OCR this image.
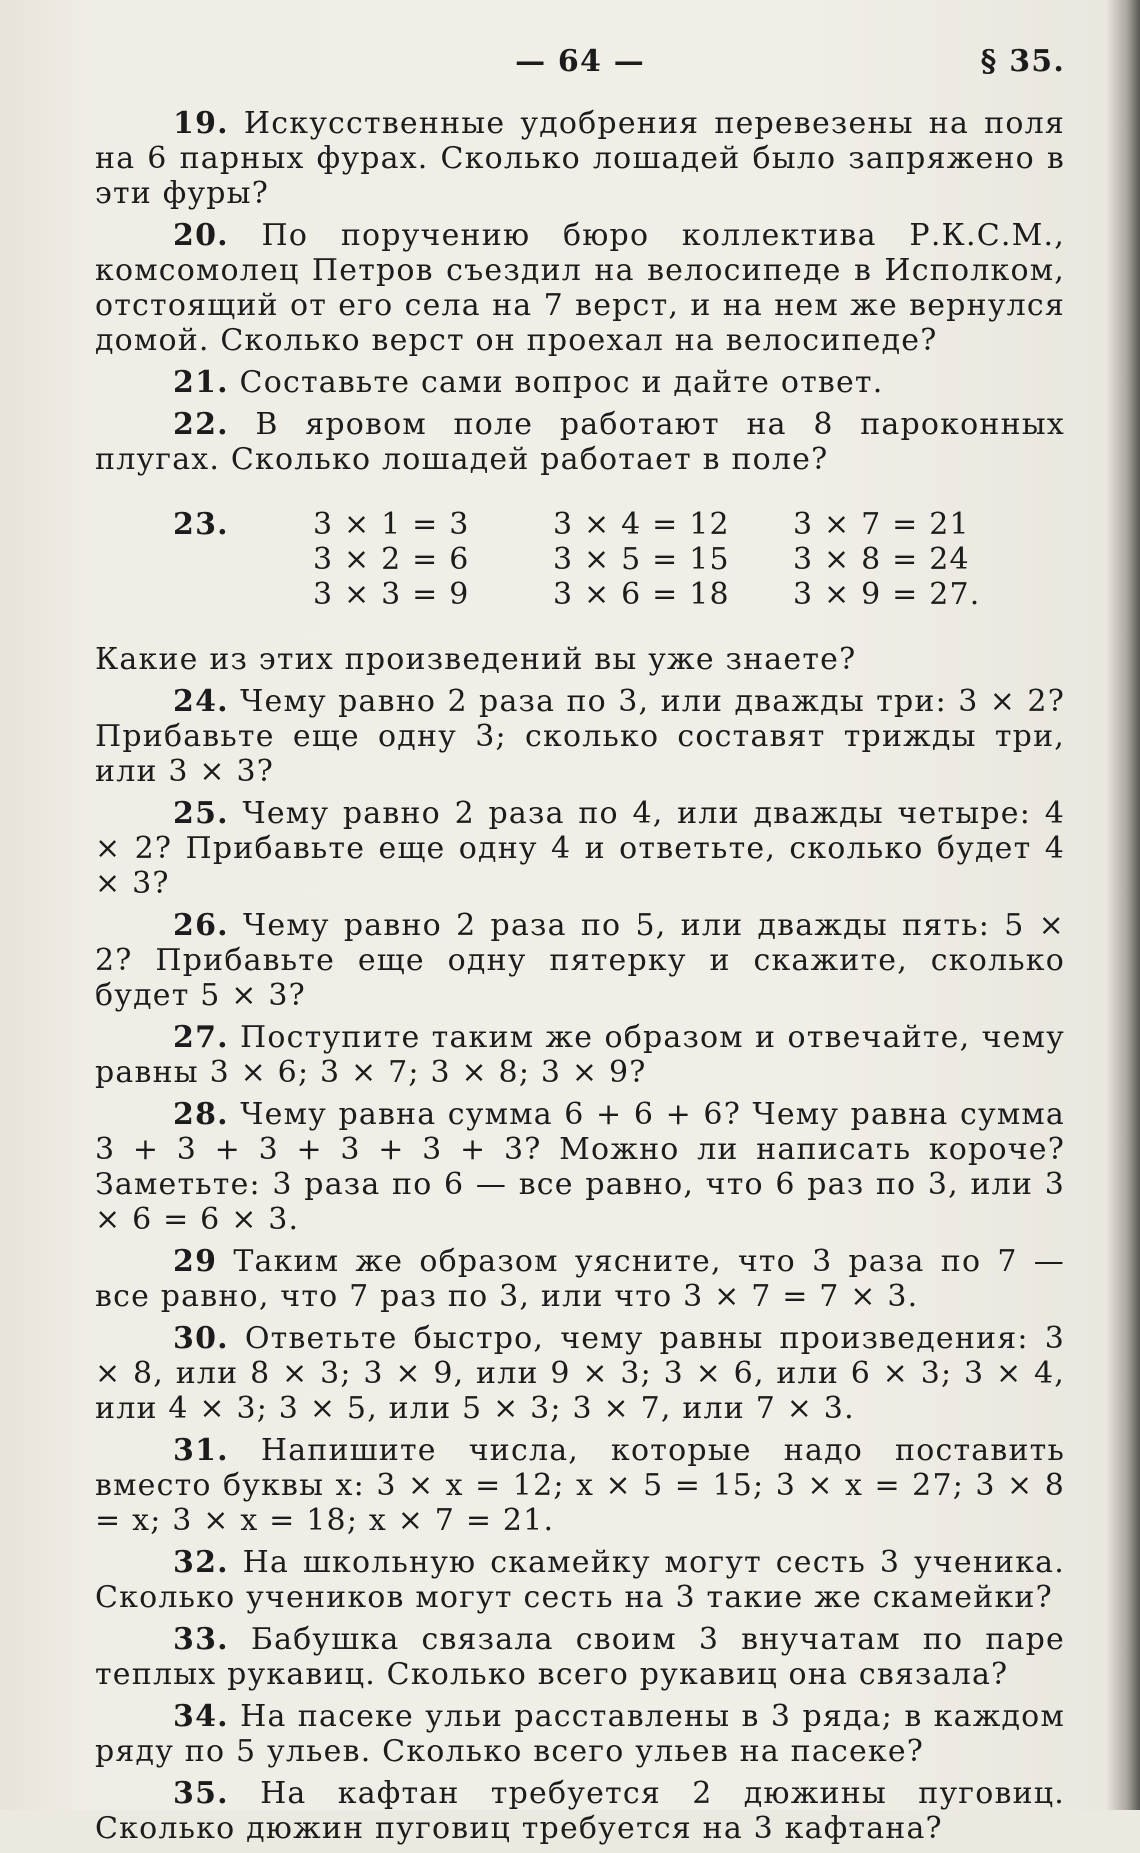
— 64 —	§ 35.

19. Искусственные удобрения перевезены на поля на 6 парных фурах. Сколько лошадей было запряжено в эти фуры?

20. По поручению бюро коллектива Р.К.С.М., комсомолец Петров съездил на велосипеде в Исполком, отстоящий от его села на 7 верст, и на нем же вернулся домой. Сколько верст он проехал на велосипеде?

21. Составьте сами вопрос и дайте ответ.

22. В яровом поле работают на 8 пароконных плугах. Сколько лошадей работает в поле?

23.	3 × 1 = 3
3 × 2 = 6
3 × 3 = 9
3 × 4 = 12
3 × 5 = 15
3 × 6 = 18
3 × 7 = 21
3 × 8 = 24
3 × 9 = 27.

Какие из этих произведений вы уже знаете?

24. Чему равно 2 раза по 3, или дважды три: 3 × 2? Прибавьте еще одну 3; сколько составят трижды три, или 3 × 3?

25. Чему равно 2 раза по 4, или дважды четыре: 4 × 2? Прибавьте еще одну 4 и ответьте, сколько будет 4 × 3?

26. Чему равно 2 раза по 5, или дважды пять: 5 × 2? Прибавьте еще одну пятерку и скажите, сколько будет 5 × 3?

27. Поступите таким же образом и отвечайте, чему равны 3 × 6; 3 × 7; 3 × 8; 3 × 9?

28. Чему равна сумма 6 + 6 + 6? Чему равна сумма 3 + 3 + 3 + 3 + 3 + 3? Можно ли написать короче? Заметьте: 3 раза по 6 — все равно, что 6 раз по 3, или 3 × 6 = 6 × 3.

29 Таким же образом уясните, что 3 раза по 7 — все равно, что 7 раз по 3, или что 3 × 7 = 7 × 3.

30. Ответьте быстро, чему равны произведения: 3 × 8, или 8 × 3; 3 × 9, или 9 × 3; 3 × 6, или 6 × 3; 3 × 4, или 4 × 3; 3 × 5, или 5 × 3; 3 × 7, или 7 × 3.

31. Напишите числа, которые надо поставить вместо буквы x: 3 × x = 12; x × 5 = 15; 3 × x = 27; 3 × 8 = x; 3 × x = 18; x × 7 = 21.

32. На школьную скамейку могут сесть 3 ученика. Сколько учеников могут сесть на 3 такие же скамейки?

33. Бабушка связала своим 3 внучатам по паре теплых рукавиц. Сколько всего рукавиц она связала?

34. На пасеке ульи расставлены в 3 ряда; в каждом ряду по 5 ульев. Сколько всего ульев на пасеке?

35. На кафтан требуется 2 дюжины пуговиц. Сколько дюжин пуговиц требуется на 3 кафтана?
